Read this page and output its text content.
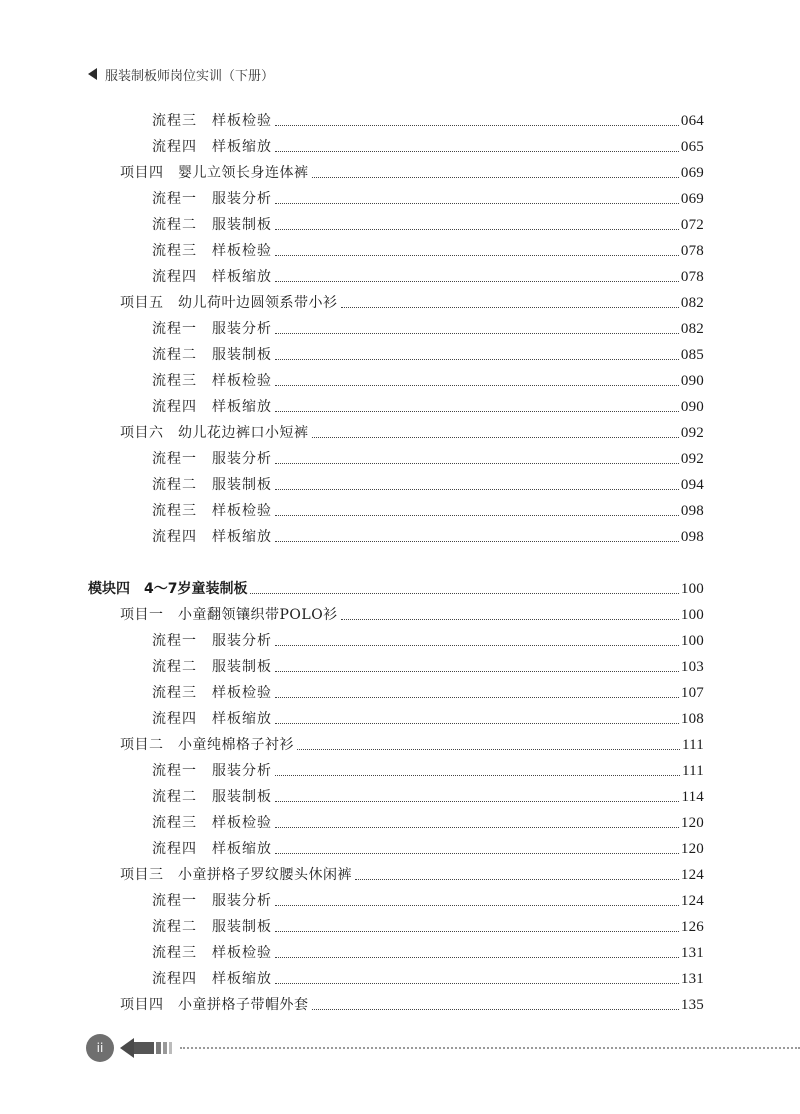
服装制板师岗位实训（下册）
流程三　样板检验	064
流程四　样板缩放	065
项目四　婴儿立领长身连体裤	069
流程一　服装分析	069
流程二　服装制板	072
流程三　样板检验	078
流程四　样板缩放	078
项目五　幼儿荷叶边圆领系带小衫	082
流程一　服装分析	082
流程二　服装制板	085
流程三　样板检验	090
流程四　样板缩放	090
项目六　幼儿花边裤口小短裤	092
流程一　服装分析	092
流程二　服装制板	094
流程三　样板检验	098
流程四　样板缩放	098
模块四　4～7岁童装制板	100
项目一　小童翻领镶织带POLO衫	100
流程一　服装分析	100
流程二　服装制板	103
流程三　样板检验	107
流程四　样板缩放	108
项目二　小童纯棉格子衬衫	111
流程一　服装分析	111
流程二　服装制板	114
流程三　样板检验	120
流程四　样板缩放	120
项目三　小童拼格子罗纹腰头休闲裤	124
流程一　服装分析	124
流程二　服装制板	126
流程三　样板检验	131
流程四　样板缩放	131
项目四　小童拼格子带帽外套	135
ii
